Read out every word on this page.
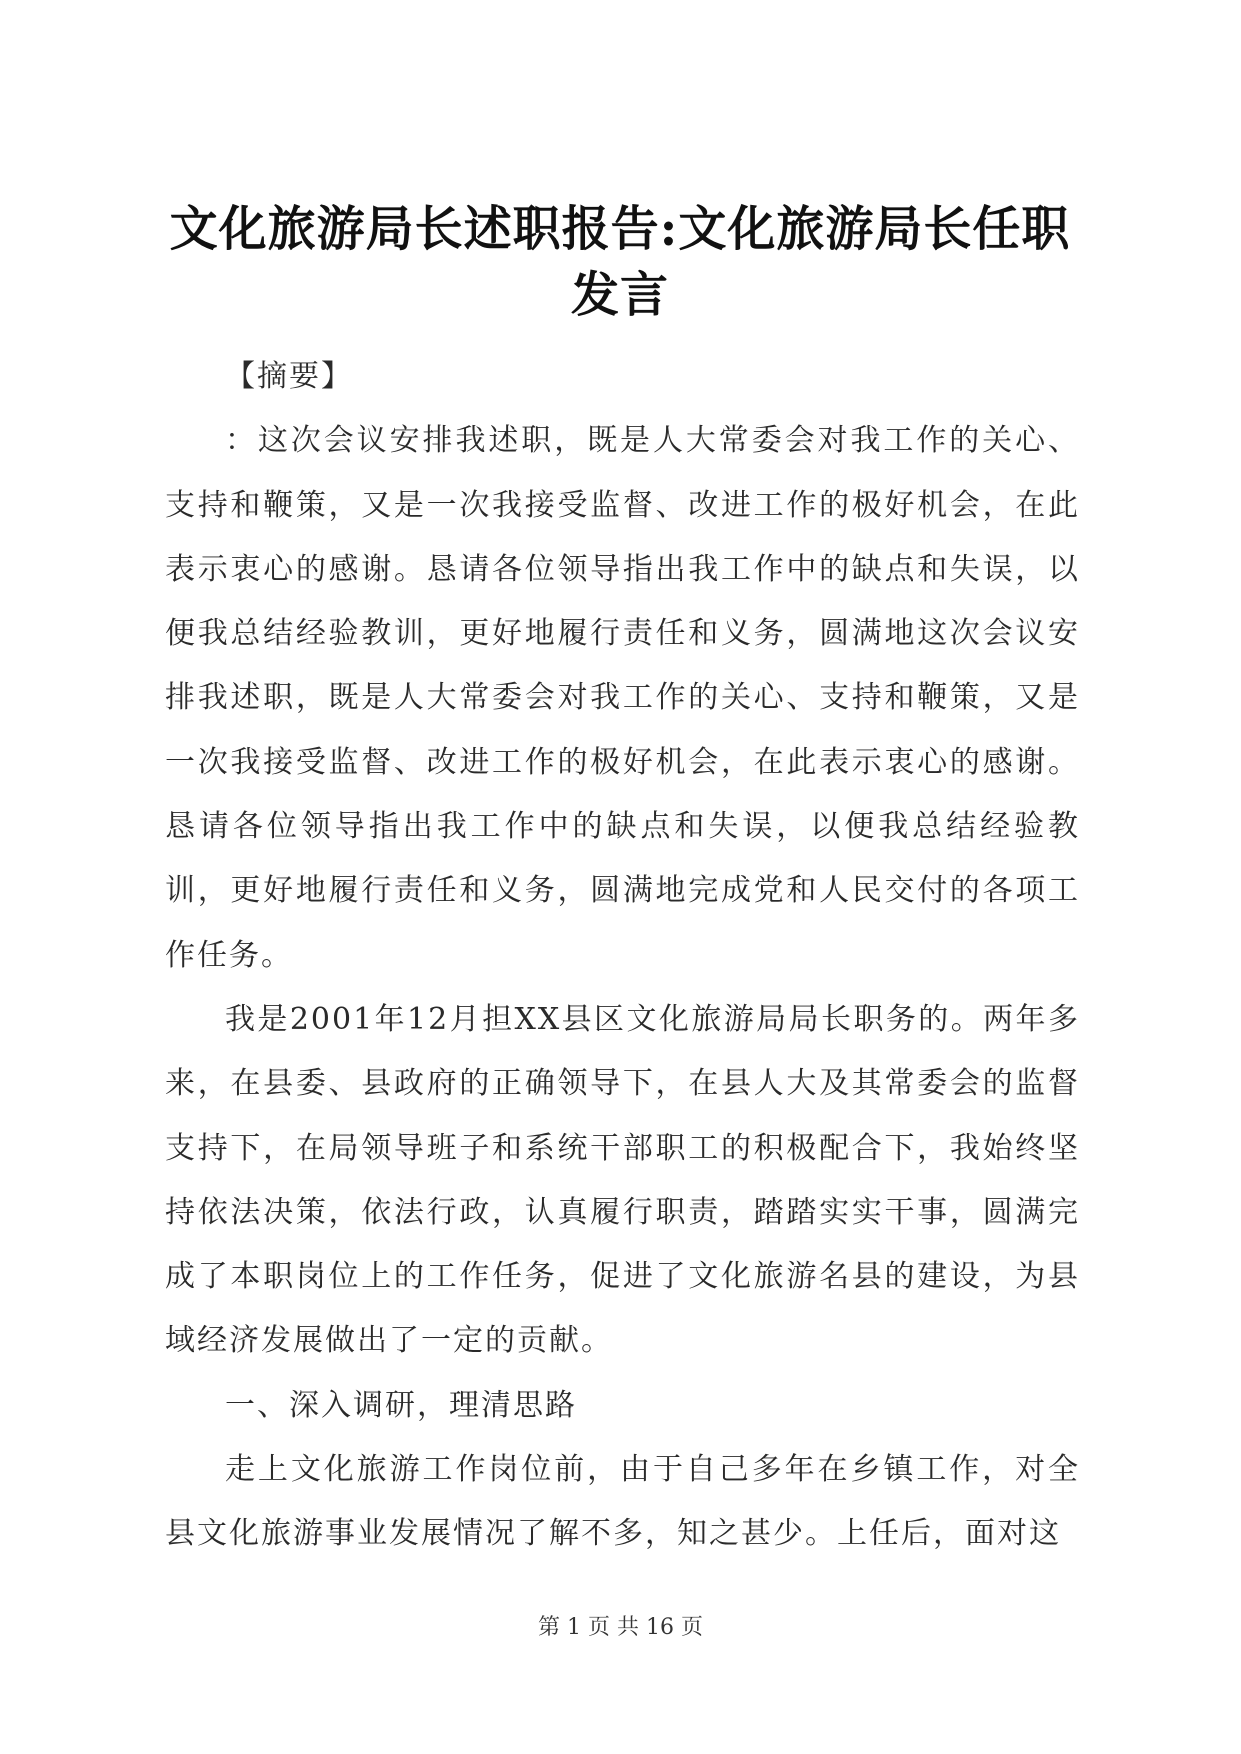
文化旅游局长述职报告:文化旅游局长任职发言

【摘要】

：这次会议安排我述职，既是人大常委会对我工作的关心、支持和鞭策，又是一次我接受监督、改进工作的极好机会，在此表示衷心的感谢。恳请各位领导指出我工作中的缺点和失误，以便我总结经验教训，更好地履行责任和义务，圆满地这次会议安排我述职，既是人大常委会对我工作的关心、支持和鞭策，又是一次我接受监督、改进工作的极好机会，在此表示衷心的感谢。恳请各位领导指出我工作中的缺点和失误，以便我总结经验教训，更好地履行责任和义务，圆满地完成党和人民交付的各项工作任务。

我是2001年12月担XX县区文化旅游局局长职务的。两年多来，在县委、县政府的正确领导下，在县人大及其常委会的监督支持下，在局领导班子和系统干部职工的积极配合下，我始终坚持依法决策，依法行政，认真履行职责，踏踏实实干事，圆满完成了本职岗位上的工作任务，促进了文化旅游名县的建设，为县域经济发展做出了一定的贡献。

一、深入调研，理清思路

走上文化旅游工作岗位前，由于自己多年在乡镇工作，对全县文化旅游事业发展情况了解不多，知之甚少。上任后，面对这

第 1 页 共 16 页
